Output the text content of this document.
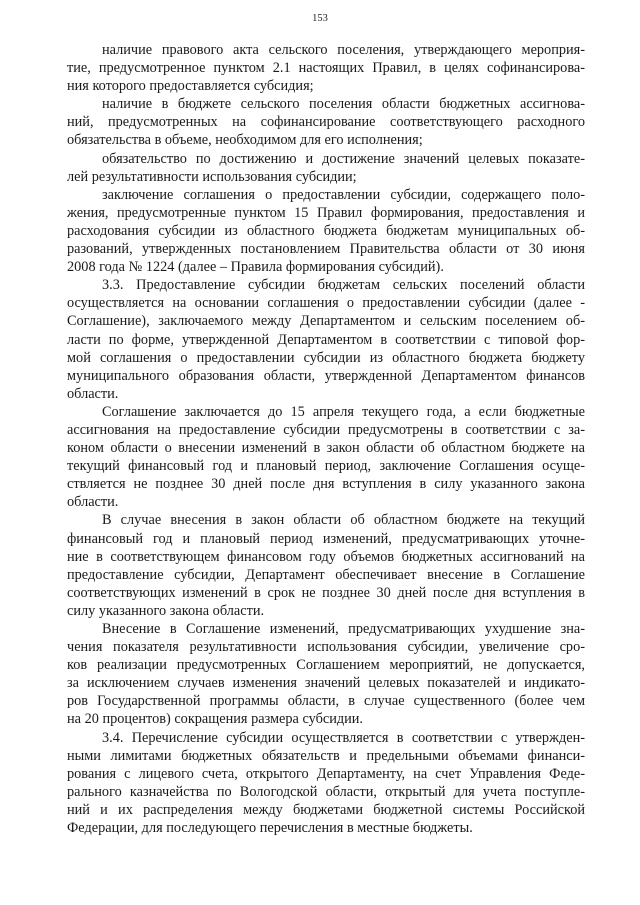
153

наличие правового акта сельского поселения, утверждающего мероприя-

тие, предусмотренное пунктом 2.1 настоящих Правил, в целях софинансирова-

ния которого предоставляется субсидия;

наличие в бюджете сельского поселения области бюджетных ассигнова-

ний, предусмотренных на софинансирование соответствующего расходного

обязательства в объеме, необходимом для его исполнения;

обязательство по достижению и достижение значений целевых показате-

лей результативности использования субсидии;

заключение соглашения о предоставлении субсидии, содержащего поло-

жения, предусмотренные пунктом 15 Правил формирования, предоставления и

расходования субсидии из областного бюджета бюджетам муниципальных об-

разований, утвержденных постановлением Правительства области от 30 июня

2008 года № 1224 (далее – Правила формирования субсидий).

3.3. Предоставление субсидии бюджетам сельских поселений области

осуществляется на основании соглашения о предоставлении субсидии (далее -

Соглашение), заключаемого между Департаментом и сельским поселением об-

ласти по форме, утвержденной Департаментом в соответствии с типовой фор-

мой соглашения о предоставлении субсидии из областного бюджета бюджету

муниципального образования области, утвержденной Департаментом финансов

области.

Соглашение заключается до 15 апреля текущего года, а если бюджетные

ассигнования на предоставление субсидии предусмотрены в соответствии с за-

коном области о внесении изменений в закон области об областном бюджете на

текущий финансовый год и плановый период, заключение Соглашения осуще-

ствляется не позднее 30 дней после дня вступления в силу указанного закона

области.

В случае внесения в закон области об областном бюджете на текущий

финансовый год и плановый период изменений, предусматривающих уточне-

ние в соответствующем финансовом году объемов бюджетных ассигнований на

предоставление субсидии, Департамент обеспечивает внесение в Соглашение

соответствующих изменений в срок не позднее 30 дней после дня вступления в

силу указанного закона области.

Внесение в Соглашение изменений, предусматривающих ухудшение зна-

чения показателя результативности использования субсидии, увеличение сро-

ков реализации предусмотренных Соглашением мероприятий, не допускается,

за исключением случаев изменения значений целевых показателей и индикато-

ров Государственной программы области, в случае существенного (более чем

на 20 процентов) сокращения размера субсидии.

3.4. Перечисление субсидии осуществляется в соответствии с утвержден-

ными лимитами бюджетных обязательств и предельными объемами финанси-

рования с лицевого счета, открытого Департаменту, на счет Управления Феде-

рального казначейства по Вологодской области, открытый для учета поступле-

ний и их распределения между бюджетами бюджетной системы Российской

Федерации, для последующего перечисления в местные бюджеты.
